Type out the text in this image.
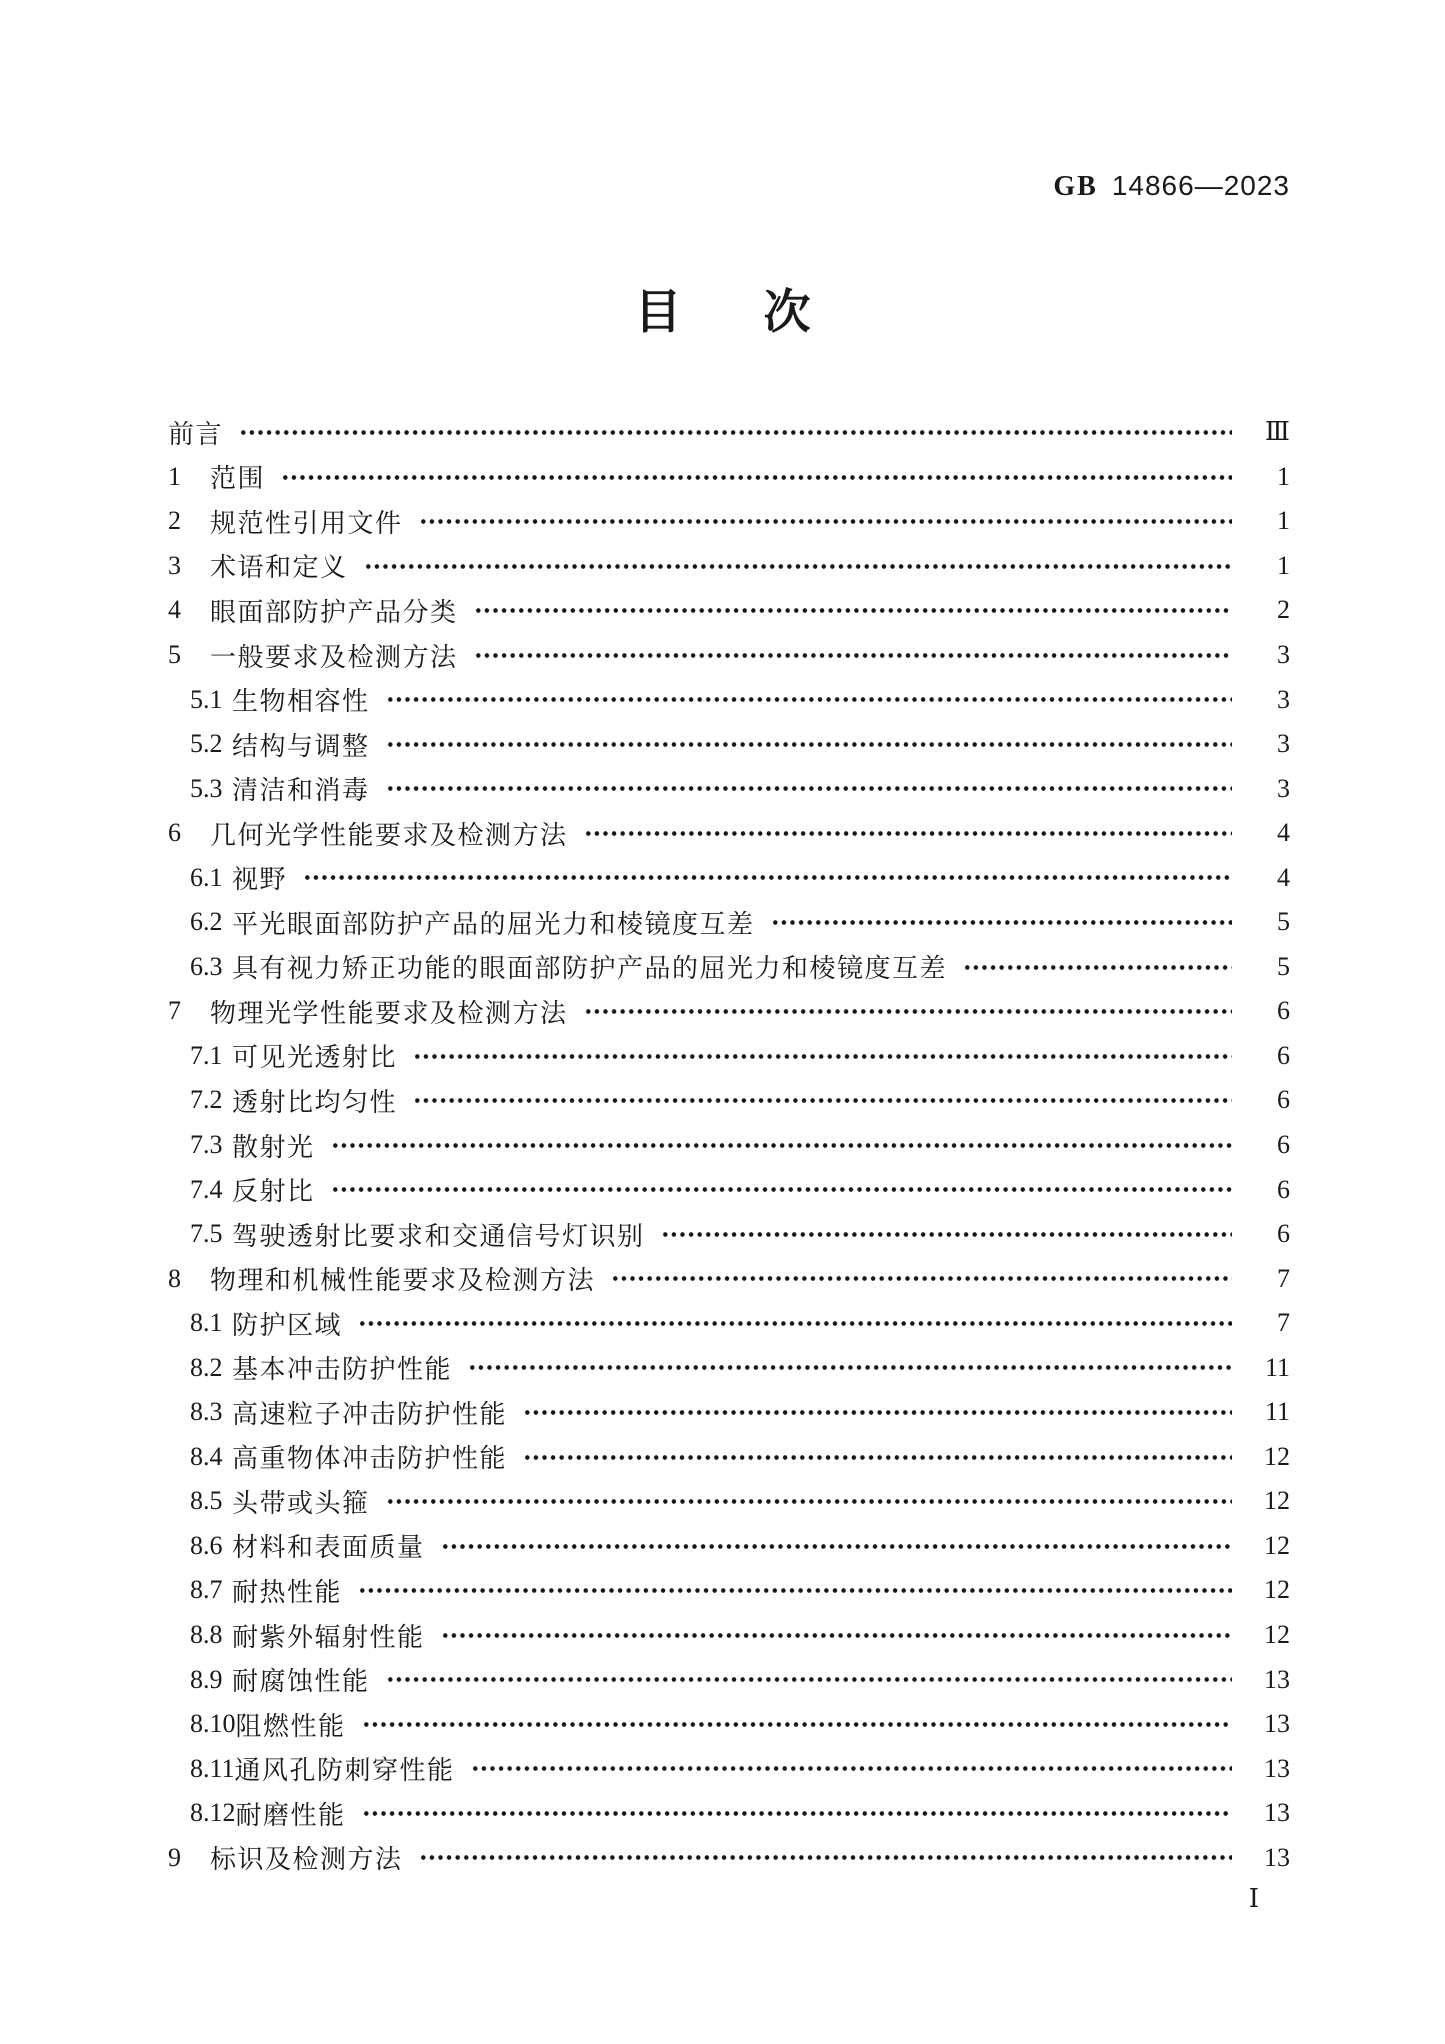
GB 14866—2023
目 次
前言	Ⅲ
1	范围	1
2	规范性引用文件	1
3	术语和定义	1
4	眼面部防护产品分类	2
5	一般要求及检测方法	3
5.1 生物相容性	3
5.2 结构与调整	3
5.3 清洁和消毒	3
6	几何光学性能要求及检测方法	4
6.1 视野	4
6.2 平光眼面部防护产品的屈光力和棱镜度互差	5
6.3 具有视力矫正功能的眼面部防护产品的屈光力和棱镜度互差	5
7	物理光学性能要求及检测方法	6
7.1 可见光透射比	6
7.2 透射比均匀性	6
7.3 散射光	6
7.4 反射比	6
7.5 驾驶透射比要求和交通信号灯识别	6
8	物理和机械性能要求及检测方法	7
8.1 防护区域	7
8.2 基本冲击防护性能	11
8.3 高速粒子冲击防护性能	11
8.4 高重物体冲击防护性能	12
8.5 头带或头箍	12
8.6 材料和表面质量	12
8.7 耐热性能	12
8.8 耐紫外辐射性能	12
8.9 耐腐蚀性能	13
8.10 阻燃性能	13
8.11 通风孔防刺穿性能	13
8.12 耐磨性能	13
9	标识及检测方法	13
Ⅰ
